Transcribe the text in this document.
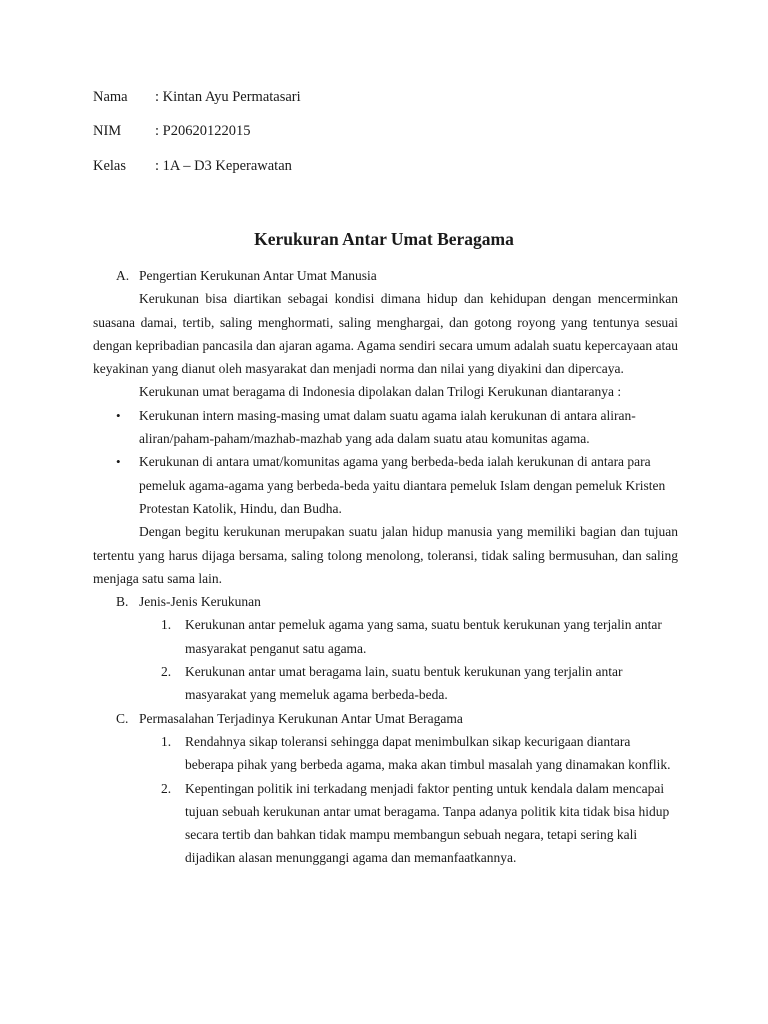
Nama : Kintan Ayu Permatasari
NIM : P20620122015
Kelas : 1A – D3 Keperawatan
Kerukuran Antar Umat Beragama
A. Pengertian Kerukunan Antar Umat Manusia
Kerukunan bisa diartikan sebagai kondisi dimana hidup dan kehidupan dengan mencerminkan suasana damai, tertib, saling menghormati, saling menghargai, dan gotong royong yang tentunya sesuai dengan kepribadian pancasila dan ajaran agama. Agama sendiri secara umum adalah suatu kepercayaan atau keyakinan yang dianut oleh masyarakat dan menjadi norma dan nilai yang diyakini dan dipercaya.
Kerukunan umat beragama di Indonesia dipolakan dalan Trilogi Kerukunan diantaranya :
• Kerukunan intern masing-masing umat dalam suatu agama ialah kerukunan di antara aliran-aliran/paham-paham/mazhab-mazhab yang ada dalam suatu atau komunitas agama.
• Kerukunan di antara umat/komunitas agama yang berbeda-beda ialah kerukunan di antara para pemeluk agama-agama yang berbeda-beda yaitu diantara pemeluk Islam dengan pemeluk Kristen Protestan Katolik, Hindu, dan Budha.
Dengan begitu kerukunan merupakan suatu jalan hidup manusia yang memiliki bagian dan tujuan tertentu yang harus dijaga bersama, saling tolong menolong, toleransi, tidak saling bermusuhan, dan saling menjaga satu sama lain.
B. Jenis-Jenis Kerukunan
1. Kerukunan antar pemeluk agama yang sama, suatu bentuk kerukunan yang terjalin antar masyarakat penganut satu agama.
2. Kerukunan antar umat beragama lain, suatu bentuk kerukunan yang terjalin antar masyarakat yang memeluk agama berbeda-beda.
C. Permasalahan Terjadinya Kerukunan Antar Umat Beragama
1. Rendahnya sikap toleransi sehingga dapat menimbulkan sikap kecurigaan diantara beberapa pihak yang berbeda agama, maka akan timbul masalah yang dinamakan konflik.
2. Kepentingan politik ini terkadang menjadi faktor penting untuk kendala dalam mencapai tujuan sebuah kerukunan antar umat beragama. Tanpa adanya politik kita tidak bisa hidup secara tertib dan bahkan tidak mampu membangun sebuah negara, tetapi sering kali dijadikan alasan menunggangi agama dan memanfaatkannya.
